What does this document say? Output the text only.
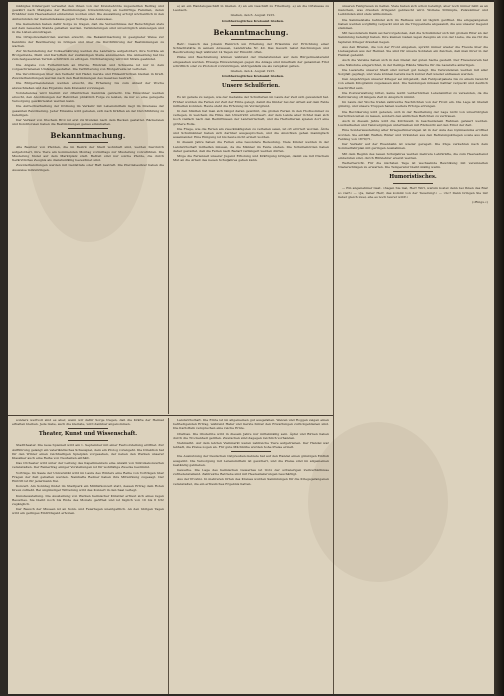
mäßigtes Kindergeld verwaltet den ihnen von der Kreisbehörde zugestellten Beitrag und gewährt nach Maßgabe der Bestimmungen Unterstützung an bedürftige Familien, deren Ernährer zum Heeresdienst einberufen worden sind. Die Auszahlung erfolgt wöchentlich in den Amtsstunden der Gemeindekasse gegen Vorlage des Ausweises.

Die Gemeinden haben dafür Sorge zu tragen, daß die Verzeichnisse der Berechtigten stets auf dem neuesten Stande gehalten werden. Veränderungen sind unverzüglich anzuzeigen und in die Listen einzutragen.

Die Ortspolizeibehörden werden ersucht, die Bekanntmachung in geeigneter Weise zur Kenntnis der Bevölkerung zu bringen und über die Durchführung der Bestimmungen zu wachen.

Zur Sicherstellung der Volksernährung werden die Landwirte aufgefordert, ihre Vorräte an Brotgetreide, Mehl und Kartoffeln der zuständigen Stelle anzumelden. Die Anmeldung hat bis zum festgesetzten Termin schriftlich zu erfolgen. Nichtbefolgung wird mit Strafe geahndet.

Die Abgabe von Futtermitteln an Pferde, Rindvieh und Schweine ist nur in dem vorgeschriebenen Umfange gestattet. Die Verfütterung von Brotgetreide ist verboten.

Die Verordnungen über den Verkehr mit Hafer, Gerste und Hülsenfrüchten bleiben in Kraft. Zuwiderhandlungen werden nach den Bestimmungen des Gesetzes bestraft.

Die Bürgermeistereien werden ersucht, die Erhebung bis zum Ablauf der Woche abzuschließen und das Ergebnis dem Kreisamt vorzulegen.

Vorstehendes wird hiermit zur öffentlichen Kenntnis gebracht. Die Einwohner werden ersucht, den Anordnungen der Behörden pünktlich Folge zu leisten, da nur so eine geregelte Versorgung gewährleistet werden kann.

Die Aufrechterhaltung der Ordnung im Verkehr mit Lebensmitteln liegt im Interesse der gesamten Bevölkerung. Jeder Einzelne wird gebeten, sich nach Kräften an der Durchführung zu beteiligen.

Der Verkauf von frischem Brot ist erst 24 Stunden nach dem Backen gestattet. Bäckereien und Konditoreien haben die Bestimmungen genau einzuhalten.

Bekanntmachung.

Alle Besitzer von Pferden, die im Bezirk der Stadt wohnhaft sind, werden hierdurch aufgefordert, ihre Tiere am kommenden Montag vormittags zur Musterung vorzuführen. Die Musterung findet auf dem Marktplatz statt. Befreit sind nur solche Pferde, die durch tierärztliches Zeugnis als dienstunfähig bezeichnet sind.

Zuwiderhandlungen werden mit Geldstrafe oder Haft bestraft. Die Pferdebesitzer haben die Ausweise mitzubringen.

e) an ein Handelsgeschäft in Gießen. d) an ein Geschäft zu Friedberg. e) an die Ortskasse zu Laubach.

Gießen, den 6. August 1915.

Großherzogliches Kreisamt Gießen.

Bekanntmachung.

Betr.: Gesuch des Johann Heinrich um Erteilung der Erlaubnis zur Errichtung einer Schlachtstätte in seinem Anwesen, Landstraße Nr. 40. Das Gesuch nebst Zeichnungen und Beschreibung liegt während 14 Tagen zur Einsicht offen.

Pläne und Beschreibung können während der Dienststunden auf dem Bürgermeisteramt eingesehen werden. Etwaige Einwendungen gegen die Anlage sind innerhalb der genannten Frist schriftlich oder zu Protokoll vorzubringen, widrigenfalls sie als verspätet gelten.

Gießen, den 4. August 1915.

Großherzogliches Kreisamt Gießen.

Unsere Schulferien.

Es ist gerade zu zeigen, wie der Gedanke der Schulferien im Laufe der Zeit sich gewandelt hat. Früher wurden die Ferien zur Zeit der Ernte gelegt, damit die Kinder bei der Arbeit auf dem Felde mithelfen konnten. Heute steht die Erholung im Vordergrund.

In den Städten hat man sich längst daran gewöhnt, die großen Ferien in den Hochsommer zu verlegen, in welchem die Hitze den Unterricht erschwert. Auf dem Lande aber richtet man sich noch vielfach nach den Bedürfnissen der Landwirtschaft, und die Herbstferien spielen dort eine größere Rolle.

Die Frage, wie die Ferien am zweckmäßigsten zu verteilen seien, ist oft erörtert worden. Ärzte und Schulmänner haben sich darüber ausgesprochen, und die Ansichten gehen mannigfach auseinander. Eine Einigung ist bis heute nicht erzielt worden.

In diesem Jahre haben die Ferien eine besondere Bedeutung. Viele Kinder werden in der Landwirtschaft mithelfen müssen, da die Männer im Felde stehen. Die Schulbehörden haben daher gestattet, daß die Ferien nach Bedarf verlängert werden dürfen.

Möge die Ferienzeit unserer Jugend Erholung und Kräftigung bringen, damit sie mit frischem Mut an die Arbeit des neuen Schuljahres gehen kann.

sonders wertvoll sind es aber, wenn wir dafür Sorge tragen, daß die Kräfte der Heimat erhalten bleiben. Jede Gabe, auch die kleinste, wird dankbar angenommen.

Theater, Kunst und Wissenschaft.

Stadttheater. Die neue Spielzeit wird am 1. September mit einer Festvorstellung eröffnet. Zur Aufführung gelangt ein vaterländisches Schauspiel, dem ein Prolog vorangeht. Die Direktion hat für den Winter einen reichhaltigen Spielplan vorgesehen, der neben den Werken unserer Klassiker auch eine Reihe von Neuheiten enthält.

Das Orchester wird unter der Leitung des Kapellmeisters eine Anzahl von Sinfoniekonzerten veranstalten. Der Reinertrag einiger Vorstellungen ist für wohltätige Zwecke bestimmt.

Vorträge. Im Saale der Universität wird im Laufe des Winters eine Reihe von Vorträgen über Fragen der Zeit gehalten werden. Namhafte Redner haben ihre Mitwirkung zugesagt. Der Eintritt ist für jedermann frei.

Konzert. Am Sonntag findet im Stadtpark ein Militärkonzert statt, dessen Ertrag dem Roten Kreuz zufließt. Bei ungünstiger Witterung wird das Konzert in den Saal verlegt.

Kunstausstellung. Die Ausstellung von Werken heimischer Künstler erfreut sich eines regen Besuches. Sie bleibt noch bis Ende des Monats geöffnet und ist täglich von 10 bis 6 Uhr zugänglich.

Der Besuch der Museen ist an Sonn- und Feiertagen unentgeltlich. An den übrigen Tagen wird ein geringes Eintrittsgeld erhoben.

Landwirtschaft. Die Ernte ist im allgemeinen gut ausgefallen. Weizen und Roggen zeigen einen befriedigenden Ertrag, während Hafer und Gerste hinter den Erwartungen zurückgeblieben sind. Die Kartoffeln versprechen eine reiche Ernte.

Obstbau. Die Obsternte wird in diesem Jahre nur mittelmäßig sein. Äpfel und Birnen haben durch die Trockenheit gelitten. Zwetschen sind dagegen reichlich vorhanden.

Viehmarkt. Auf dem letzten Viehmarkt waren zahlreiche Tiere aufgetrieben. Der Handel war lebhaft, die Preise zogen an. Für gute Milchkühe wurden hohe Preise erzielt.

Die Ausnutzung der Deutschen Ostpreußen-Gebiete hat auf den Handel einen günstigen Einfluß ausgeübt. Die Versorgung mit Lebensmitteln ist gesichert, und die Preise sind im allgemeinen beständig geblieben.

Gewerbe. Die Lage des heimischen Gewerbes ist trotz der schwierigen Zeitverhältnisse zufriedenstellend. Zahlreiche Betriebe sind mit Heereslieferungen beschäftigt.

Aus der Provinz. In mehreren Orten des Kreises wurden Sammlungen für die Kriegsgefangenen veranstaltet, die ein erfreuliches Ergebnis hatten.

unseren Feldgrauen zu helfen. Viele haben sich schon beteiligt, aber noch immer fehlt es an manchem, was draußen dringend gebraucht wird. Wollene Strümpfe, Pulswärmer und Leibbinden sind stets willkommen.

Die Sammelstelle befindet sich im Rathaus und ist täglich geöffnet. Die eingegangenen Gaben werden sorgfältig verpackt und an die Truppenteile abgesandt, die aus unserer Gegend stammen.

Mit besonderem Dank sei hervorgehoben, daß die Schulkinder sich mit großem Eifer an der Sammlung beteiligt haben. Ihre kleinen Gaben legen Zeugnis ab von der Liebe, die sie für die tapferen Krieger draußen hegen.

Aus den Briefen, die von der Front eingehen, spricht immer wieder die Freude über die Liebesgaben aus der Heimat. Sie sind für unsere Soldaten ein Zeichen, daß man ihrer in der Heimat gedenkt.

Auch die Vereine haben sich in den Dienst der guten Sache gestellt. Der Frauenverein hat eine Nähstube eingerichtet, in der fleißige Hände Wäsche für die Lazarette anfertigen.

Die Lazarette unserer Stadt sind zurzeit gut belegt. Die Verwundeten werden mit aller Sorgfalt gepflegt, und viele können bereits nach kurzer Zeit wieder entlassen werden.

Den Angehörigen unserer Krieger sei mitgeteilt, daß Feldpostpakete bis zu einem Gewicht von einem Kilogramm zugelassen sind. Die Sendungen müssen haltbar verpackt und deutlich beschriftet sein.

Die Postverwaltung bittet, keine leicht verderblichen Lebensmittel zu versenden, da die Beförderung oft längere Zeit in Anspruch nimmt.

Im Laufe der Woche trafen zahlreiche Nachrichten von der Front ein. Die Lage ist überall günstig, und unsere Truppen haben weitere Erfolge errungen.

Die Bevölkerung wird gebeten, sich in der Beurteilung der Lage nicht von unverbürgten Gerüchten leiten zu lassen, sondern den amtlichen Berichten zu vertrauen.

Auch in diesem Jahre wird die Kirchweih in bescheidenem Rahmen gefeiert werden. Lustbarkeiten und Tanzvergnügen unterbleiben mit Rücksicht auf den Ernst der Zeit.

Eine Sonderausstellung alter Kriegserinnerungen ist in der Aula des Gymnasiums eröffnet worden. Sie enthält Waffen, Bilder und Urkunden aus den Befreiungskriegen sowie aus dem Feldzug von 1870/71.

Der Verkehr auf der Eisenbahn ist wieder geregelt. Die Züge verkehren nach dem Sommerfahrplan mit geringen Ausnahmen.

Mit dem Beginn des neuen Schuljahres werden mehrere Lehrkräfte, die zum Heeresdienst einberufen sind, durch Hilfslehrer ersetzt werden.

Wetterbericht. Für die nächsten Tage ist wechselnde Bewölkung mit vereinzelten Niederschlägen zu erwarten. Die Temperatur bleibt mäßig warm.

Humoristisches.

— Ein angenehmer Gast. »Sagen Sie mal, Herr Wirt, warum kostet denn bei Ihnen das Bier so viel?« — »Ja, lieber Herr, das kommt von der Teuerung!« — »So? Dann bringen Sie mir lieber gleich zwei, ehe es noch teurer wird!«

(»Rings.«)
